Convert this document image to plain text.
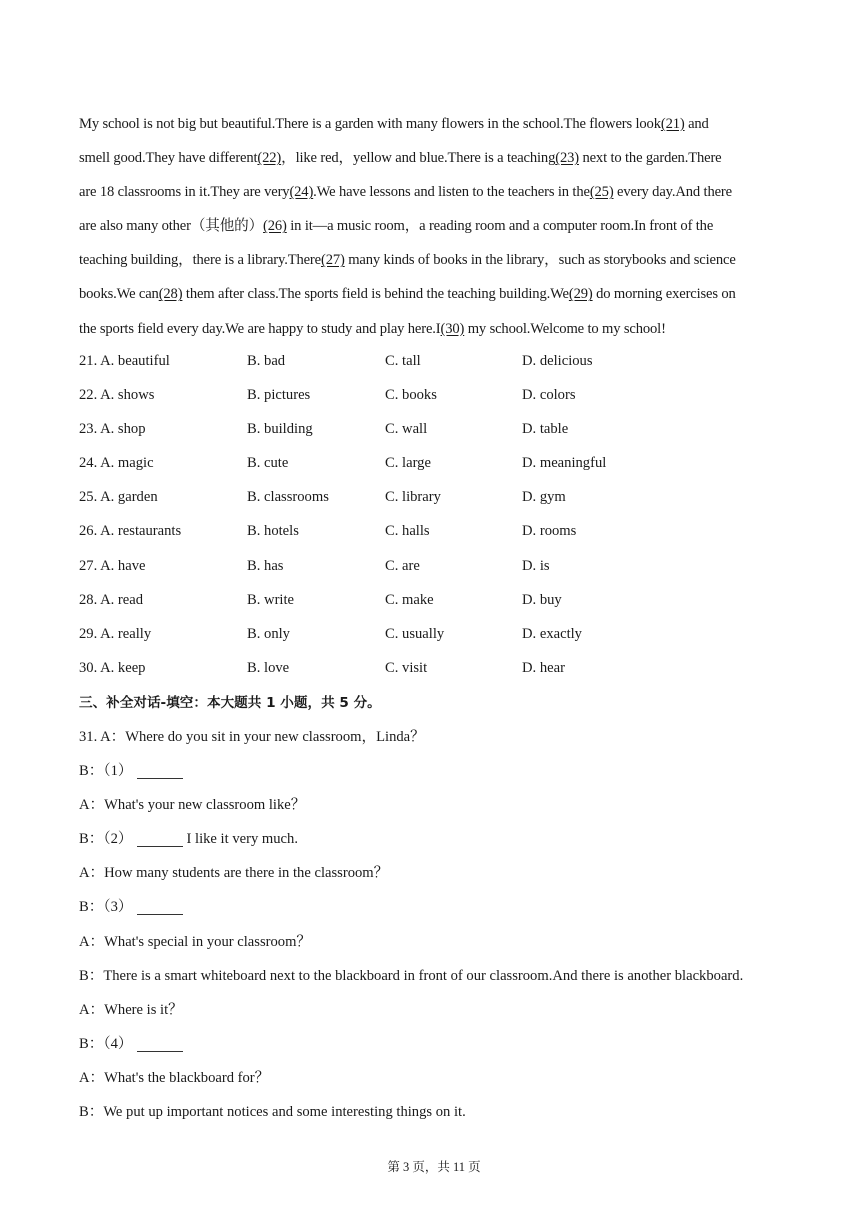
My school is not big but beautiful.There is a garden with many flowers in the school.The flowers look(21) and
smell good.They have different(22)，like red，yellow and blue.There is a teaching(23) next to the garden.There
are 18 classrooms in it.They are very(24).We have lessons and listen to the teachers in the(25) every day.And there
are also many other（其他的）(26) in it—a music room，a reading room and a computer room.In front of the
teaching building，there is a library.There(27) many kinds of books in the library，such as storybooks and science
books.We can(28) them after class.The sports field is behind the teaching building.We(29) do morning exercises on
the sports field every day.We are happy to study and play here.I(30) my school.Welcome to my school!
21. A. beautiful	B. bad	C. tall	D. delicious
22. A. shows	B. pictures	C. books	D. colors
23. A. shop	B. building	C. wall	D. table
24. A. magic	B. cute	C. large	D. meaningful
25. A. garden	B. classrooms	C. library	D. gym
26. A. restaurants	B. hotels	C. halls	D. rooms
27. A. have	B. has	C. are	D. is
28. A. read	B. write	C. make	D. buy
29. A. really	B. only	C. usually	D. exactly
30. A. keep	B. love	C. visit	D. hear
三、补全对话-填空：本大题共 1 小题，共 5 分。
31. A：Where do you sit in your new classroom，Linda？
B：（1）
A：What's your new classroom like？
B：（2）	I like it very much.
A：How many students are there in the classroom？
B：（3）
A：What's special in your classroom？
B：There is a smart whiteboard next to the blackboard in front of our classroom.And there is another blackboard.
A：Where is it？
B：（4）
A：What's the blackboard for？
B：We put up important notices and some interesting things on it.
第 3 页，共 11 页
